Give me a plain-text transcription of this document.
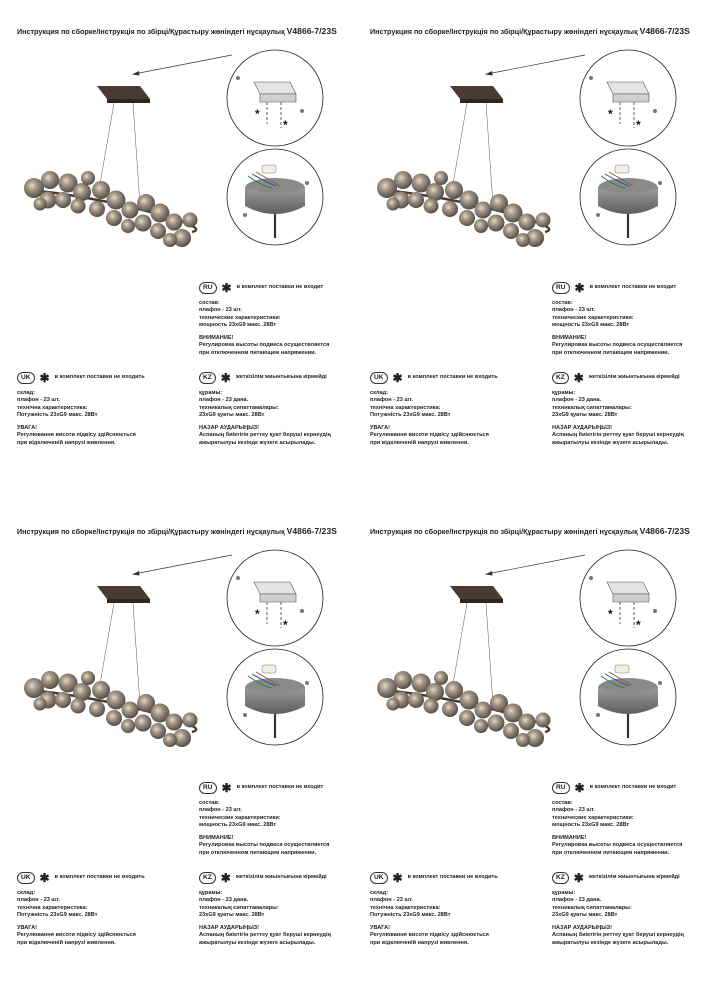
Инструкция по сборке/Інструкція по збірці/Құрастыру жөніндегі нұсқаулық V4866-7/23S
*
*
RU ✱ в комплект поставки не входит
состав:
плафон - 23 шт.
технические характеристики:
мощность 23xG9 макс. 28Вт
ВНИМАНИЕ!
Регулировка высоты подвеса осуществляется
при отключенном питающем напряжении.
UK ✱ в комплект поставки не входить
склад:
плафон - 23 шт.
технічна характеристика:
Потужність 23xG9 макс. 28Вт
УВАГА!
Регулювання висоти підвісу здійснюється
при відключеній напрузі живлення.
KZ ✱ жеткізілім жиынтығына кірмейді
құрамы:
плафон - 23 дана.
техникалық сипаттамалары:
23xG9 қуаты макс. 28Вт
НАЗАР АУДАРЫҢЫЗ!
Аспаның биіктігін реттеу қуат беруші кернеудің
ажыратылуы кезінде жүзеге асырылады.
Инструкция по сборке/Інструкція по збірці/Құрастыру жөніндегі нұсқаулық V4866-7/23S
*
*
RU ✱ в комплект поставки не входит
состав:
плафон - 23 шт.
технические характеристики:
мощность 23xG9 макс. 28Вт
ВНИМАНИЕ!
Регулировка высоты подвеса осуществляется
при отключенном питающем напряжении.
UK ✱ в комплект поставки не входить
склад:
плафон - 23 шт.
технічна характеристика:
Потужність 23xG9 макс. 28Вт
УВАГА!
Регулювання висоти підвісу здійснюється
при відключеній напрузі живлення.
KZ ✱ жеткізілім жиынтығына кірмейді
құрамы:
плафон - 23 дана.
техникалық сипаттамалары:
23xG9 қуаты макс. 28Вт
НАЗАР АУДАРЫҢЫЗ!
Аспаның биіктігін реттеу қуат беруші кернеудің
ажыратылуы кезінде жүзеге асырылады.
Инструкция по сборке/Інструкція по збірці/Құрастыру жөніндегі нұсқаулық V4866-7/23S
*
*
RU ✱ в комплект поставки не входит
состав:
плафон - 23 шт.
технические характеристики:
мощность 23xG9 макс. 28Вт
ВНИМАНИЕ!
Регулировка высоты подвеса осуществляется
при отключенном питающем напряжении.
UK ✱ в комплект поставки не входить
склад:
плафон - 23 шт.
технічна характеристика:
Потужність 23xG9 макс. 28Вт
УВАГА!
Регулювання висоти підвісу здійснюється
при відключеній напрузі живлення.
KZ ✱ жеткізілім жиынтығына кірмейді
құрамы:
плафон - 23 дана.
техникалық сипаттамалары:
23xG9 қуаты макс. 28Вт
НАЗАР АУДАРЫҢЫЗ!
Аспаның биіктігін реттеу қуат беруші кернеудің
ажыратылуы кезінде жүзеге асырылады.
Инструкция по сборке/Інструкція по збірці/Құрастыру жөніндегі нұсқаулық V4866-7/23S
*
*
RU ✱ в комплект поставки не входит
состав:
плафон - 23 шт.
технические характеристики:
мощность 23xG9 макс. 28Вт
ВНИМАНИЕ!
Регулировка высоты подвеса осуществляется
при отключенном питающем напряжении.
UK ✱ в комплект поставки не входить
склад:
плафон - 23 шт.
технічна характеристика:
Потужність 23xG9 макс. 28Вт
УВАГА!
Регулювання висоти підвісу здійснюється
при відключеній напрузі живлення.
KZ ✱ жеткізілім жиынтығына кірмейді
құрамы:
плафон - 23 дана.
техникалық сипаттамалары:
23xG9 қуаты макс. 28Вт
НАЗАР АУДАРЫҢЫЗ!
Аспаның биіктігін реттеу қуат беруші кернеудің
ажыратылуы кезінде жүзеге асырылады.
